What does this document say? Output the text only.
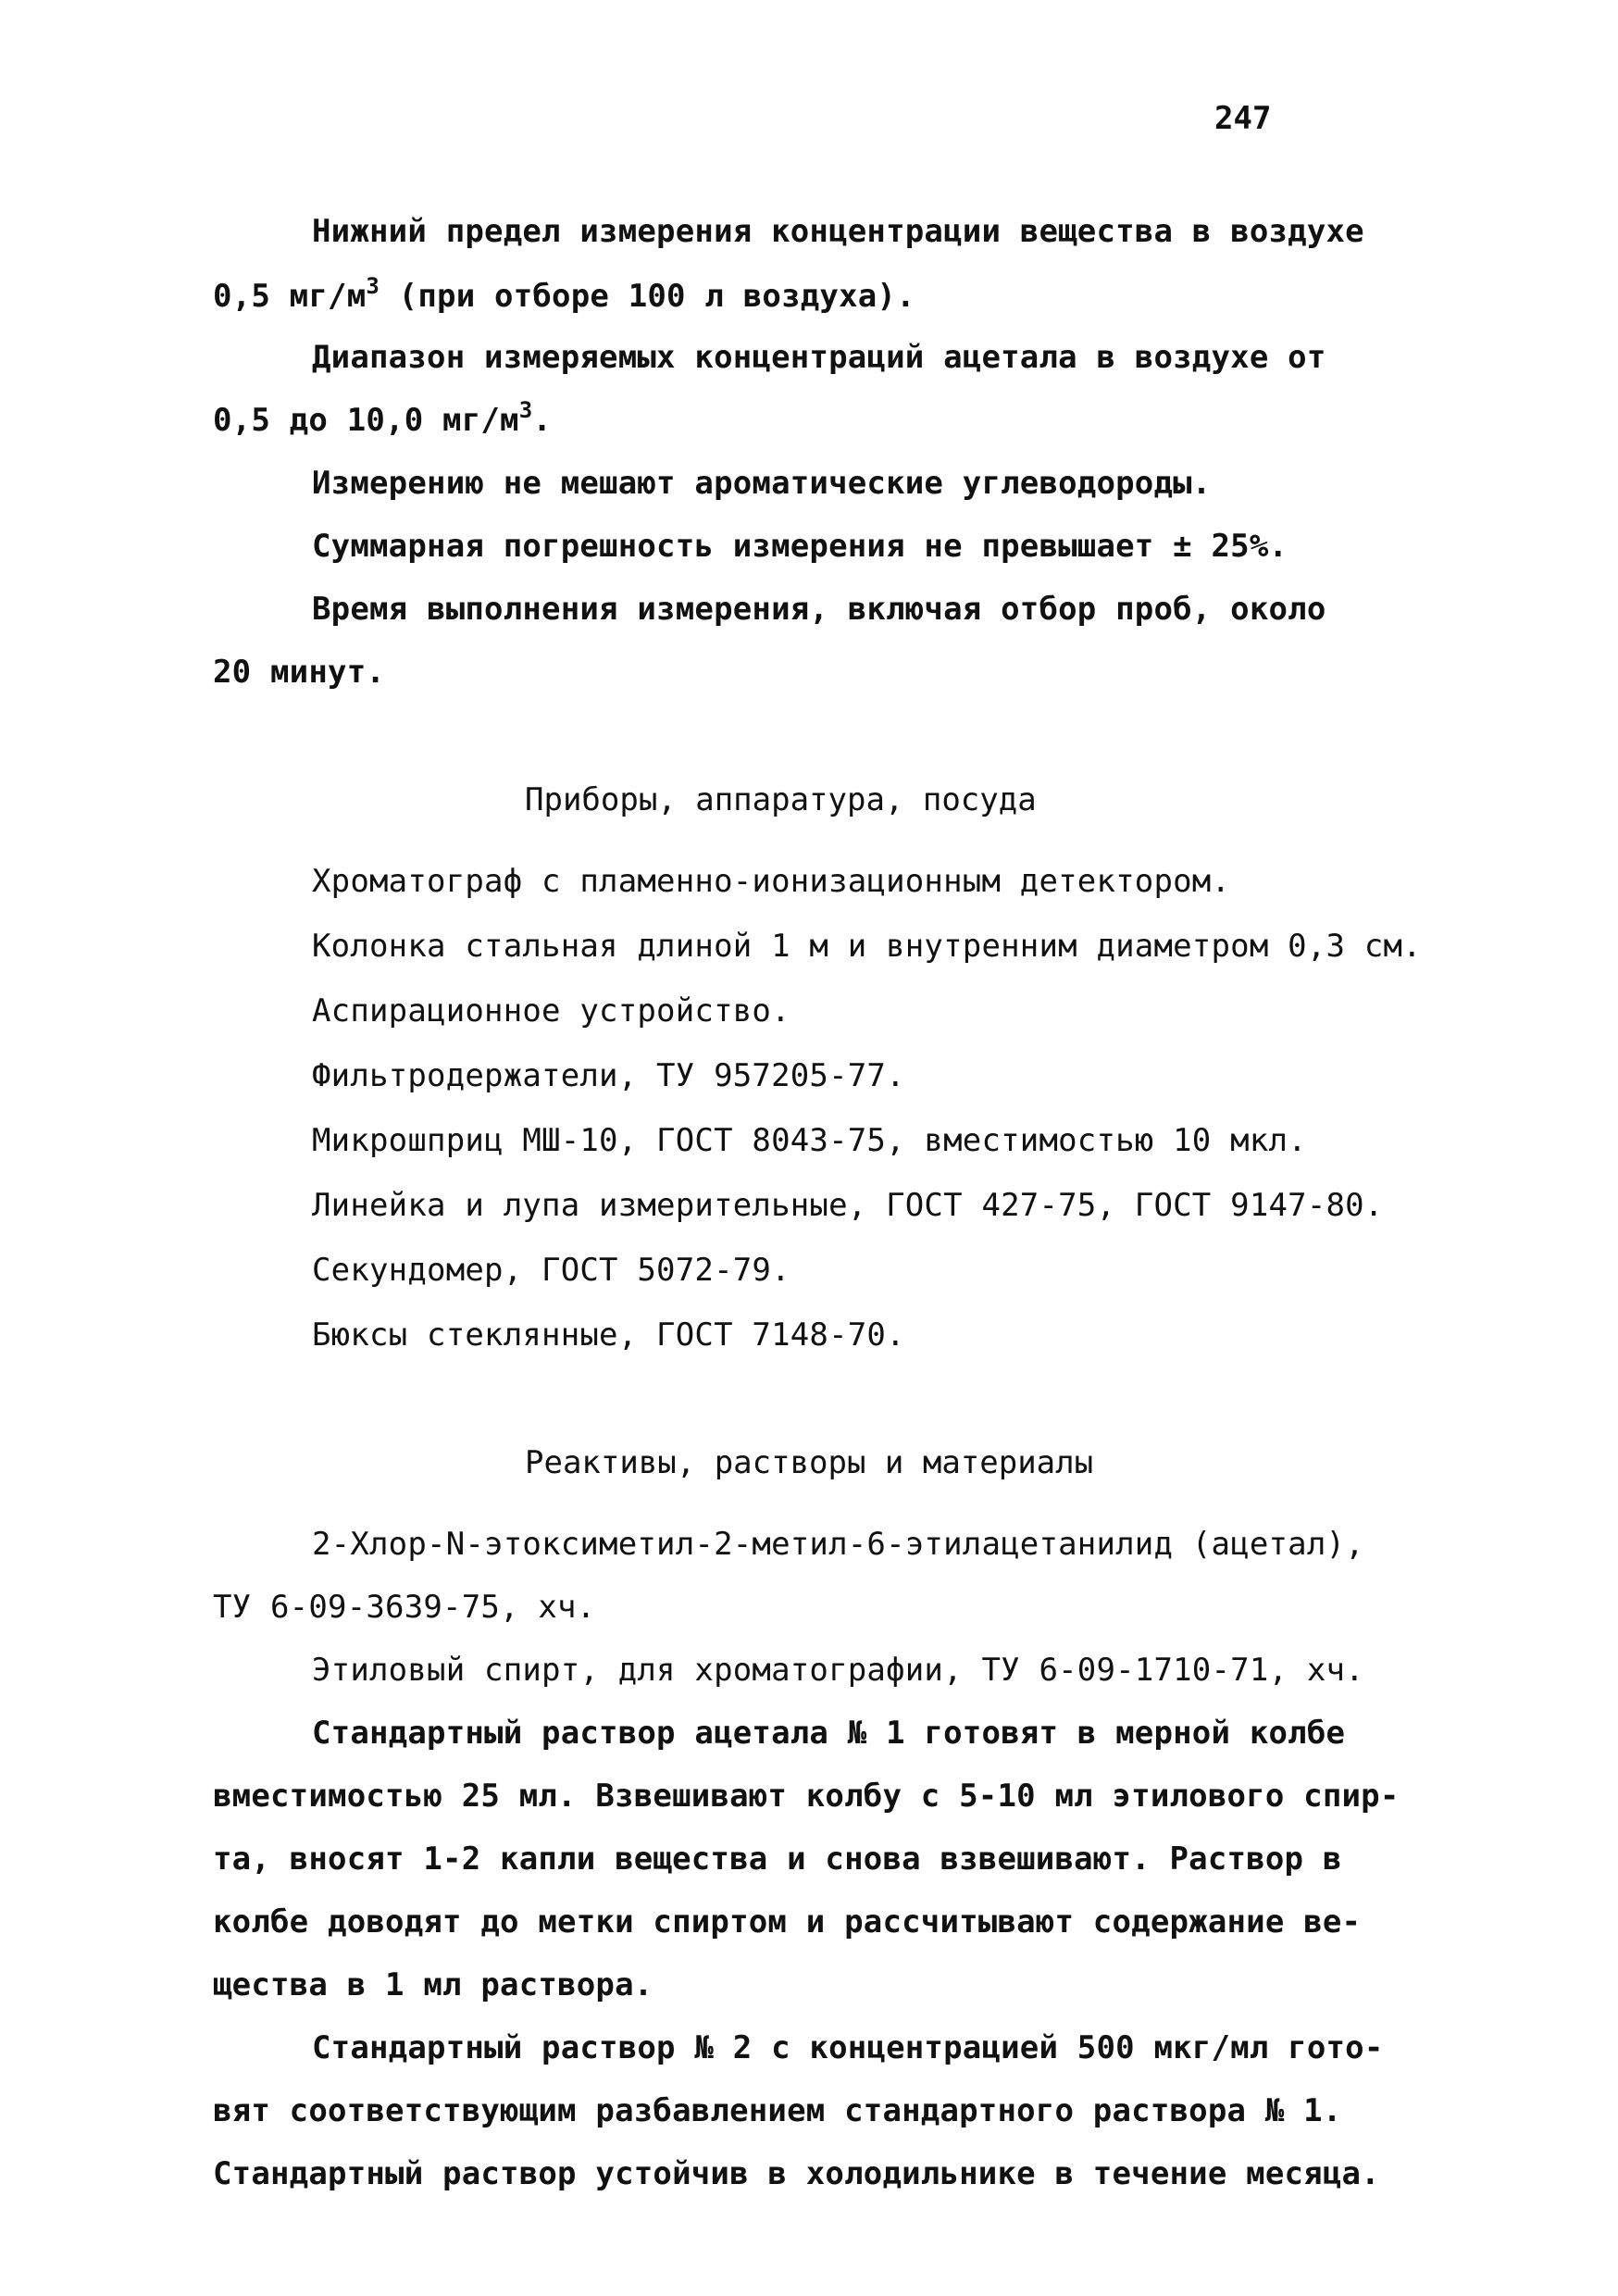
247
Нижний предел измерения концентрации вещества в воздухе
0,5 $мг/м^3$ (при отборе 100 л воздуха).
Диапазон измеряемых концентраций ацетала в воздухе от
0,5 до 10,0 $мг/м^3$.
Измерению не мешают ароматические углеводороды.
Суммарная погрешность измерения не превышает ± 25%.
Время выполнения измерения, включая отбор проб, около
20 минут.
Приборы, аппаратура, посуда
Хроматограф с пламенно-ионизационным детектором.
Колонка стальная длиной 1 м и внутренним диаметром 0,3 см.
Аспирационное устройство.
Фильтродержатели, ТУ 957205-77.
Микрошприц МШ-10, ГОСТ 8043-75, вместимостью 10 мкл.
Линейка и лупа измерительные, ГОСТ 427-75, ГОСТ 9147-80.
Секундомер, ГОСТ 5072-79.
Бюксы стеклянные, ГОСТ 7148-70.
Реактивы, растворы и материалы
2-Хлор-N-этоксиметил-2-метил-6-этилацетанилид (ацетал),
ТУ 6-09-3639-75, хч.
Этиловый спирт, для хроматографии, ТУ 6-09-1710-71, хч.
Стандартный раствор ацетала № 1 готовят в мерной колбе
вместимостью 25 мл. Взвешивают колбу с 5-10 мл этилового спир-
та, вносят 1-2 капли вещества и снова взвешивают. Раствор в
колбе доводят до метки спиртом и рассчитывают содержание ве-
щества в 1 мл раствора.
Стандартный раствор № 2 с концентрацией 500 мкг/мл гото-
вят соответствующим разбавлением стандартного раствора № 1.
Стандартный раствор устойчив в холодильнике в течение месяца.
